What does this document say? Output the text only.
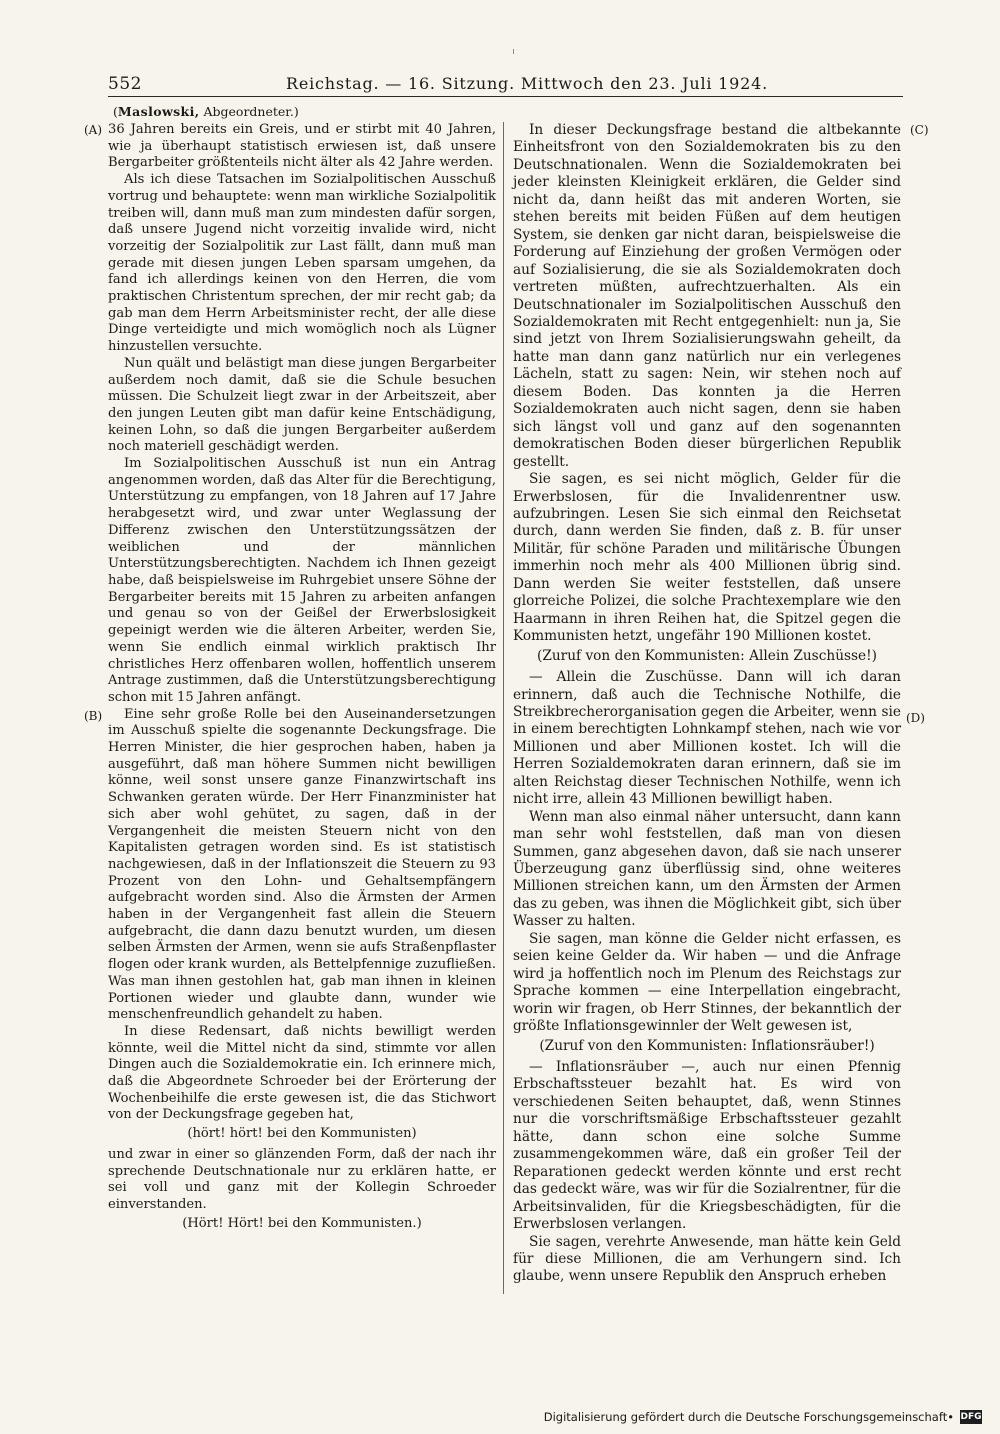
552	Reichstag. — 16. Sitzung. Mittwoch den 23. Juli 1924.
(Maslowski, Abgeordneter.)
(A)
(B)
(C)
(D)

36 Jahren bereits ein Greis, und er stirbt mit 40 Jahren, wie ja überhaupt statistisch erwiesen ist, daß unsere Bergarbeiter größtenteils nicht älter als 42 Jahre werden.

Als ich diese Tatsachen im Sozialpolitischen Ausschuß vortrug und behauptete: wenn man wirkliche Sozialpolitik treiben will, dann muß man zum mindesten dafür sorgen, daß unsere Jugend nicht vorzeitig invalide wird, nicht vorzeitig der Sozialpolitik zur Last fällt, dann muß man gerade mit diesen jungen Leben sparsam umgehen, da fand ich allerdings keinen von den Herren, die vom praktischen Christentum sprechen, der mir recht gab; da gab man dem Herrn Arbeitsminister recht, der alle diese Dinge verteidigte und mich womöglich noch als Lügner hinzustellen versuchte.

Nun quält und belästigt man diese jungen Bergarbeiter außerdem noch damit, daß sie die Schule besuchen müssen. Die Schulzeit liegt zwar in der Arbeitszeit, aber den jungen Leuten gibt man dafür keine Entschädigung, keinen Lohn, so daß die jungen Bergarbeiter außerdem noch materiell geschädigt werden.

Im Sozialpolitischen Ausschuß ist nun ein Antrag angenommen worden, daß das Alter für die Berechtigung, Unterstützung zu empfangen, von 18 Jahren auf 17 Jahre herabgesetzt wird, und zwar unter Weglassung der Differenz zwischen den Unterstützungssätzen der weiblichen und der männlichen Unterstützungsberechtigten. Nachdem ich Ihnen gezeigt habe, daß beispielsweise im Ruhrgebiet unsere Söhne der Bergarbeiter bereits mit 15 Jahren zu arbeiten anfangen und genau so von der Geißel der Erwerbslosigkeit gepeinigt werden wie die älteren Arbeiter, werden Sie, wenn Sie endlich einmal wirklich praktisch Ihr christliches Herz offenbaren wollen, hoffentlich unserem Antrage zustimmen, daß die Unterstützungsberechtigung schon mit 15 Jahren anfängt.

Eine sehr große Rolle bei den Auseinandersetzungen im Ausschuß spielte die sogenannte Deckungsfrage. Die Herren Minister, die hier gesprochen haben, haben ja ausgeführt, daß man höhere Summen nicht bewilligen könne, weil sonst unsere ganze Finanzwirtschaft ins Schwanken geraten würde. Der Herr Finanzminister hat sich aber wohl gehütet, zu sagen, daß in der Vergangenheit die meisten Steuern nicht von den Kapitalisten getragen worden sind. Es ist statistisch nachgewiesen, daß in der Inflationszeit die Steuern zu 93 Prozent von den Lohn- und Gehaltsempfängern aufgebracht worden sind. Also die Ärmsten der Armen haben in der Vergangenheit fast allein die Steuern aufgebracht, die dann dazu benutzt wurden, um diesen selben Ärmsten der Armen, wenn sie aufs Straßenpflaster flogen oder krank wurden, als Bettelpfennige zuzufließen. Was man ihnen gestohlen hat, gab man ihnen in kleinen Portionen wieder und glaubte dann, wunder wie menschenfreundlich gehandelt zu haben.

In diese Redensart, daß nichts bewilligt werden könnte, weil die Mittel nicht da sind, stimmte vor allen Dingen auch die Sozialdemokratie ein. Ich erinnere mich, daß die Abgeordnete Schroeder bei der Erörterung der Wochenbeihilfe die erste gewesen ist, die das Stichwort von der Deckungsfrage gegeben hat,

(hört! hört! bei den Kommunisten)

und zwar in einer so glänzenden Form, daß der nach ihr sprechende Deutschnationale nur zu erklären hatte, er sei voll und ganz mit der Kollegin Schroeder einverstanden.

(Hört! Hört! bei den Kommunisten.)

In dieser Deckungsfrage bestand die altbekannte Einheitsfront von den Sozialdemokraten bis zu den Deutschnationalen. Wenn die Sozialdemokraten bei jeder kleinsten Kleinigkeit erklären, die Gelder sind nicht da, dann heißt das mit anderen Worten, sie stehen bereits mit beiden Füßen auf dem heutigen System, sie denken gar nicht daran, beispielsweise die Forderung auf Einziehung der großen Vermögen oder auf Sozialisierung, die sie als Sozialdemokraten doch vertreten müßten, aufrechtzuerhalten. Als ein Deutschnationaler im Sozialpolitischen Ausschuß den Sozialdemokraten mit Recht entgegenhielt: nun ja, Sie sind jetzt von Ihrem Sozialisierungswahn geheilt, da hatte man dann ganz natürlich nur ein verlegenes Lächeln, statt zu sagen: Nein, wir stehen noch auf diesem Boden. Das konnten ja die Herren Sozialdemokraten auch nicht sagen, denn sie haben sich längst voll und ganz auf den sogenannten demokratischen Boden dieser bürgerlichen Republik gestellt.

Sie sagen, es sei nicht möglich, Gelder für die Erwerbslosen, für die Invalidenrentner usw. aufzubringen. Lesen Sie sich einmal den Reichsetat durch, dann werden Sie finden, daß z. B. für unser Militär, für schöne Paraden und militärische Übungen immerhin noch mehr als 400 Millionen übrig sind. Dann werden Sie weiter feststellen, daß unsere glorreiche Polizei, die solche Prachtexemplare wie den Haarmann in ihren Reihen hat, die Spitzel gegen die Kommunisten hetzt, ungefähr 190 Millionen kostet.

(Zuruf von den Kommunisten: Allein Zuschüsse!)

— Allein die Zuschüsse. Dann will ich daran erinnern, daß auch die Technische Nothilfe, die Streikbrecherorganisation gegen die Arbeiter, wenn sie in einem berechtigten Lohnkampf stehen, nach wie vor Millionen und aber Millionen kostet. Ich will die Herren Sozialdemokraten daran erinnern, daß sie im alten Reichstag dieser Technischen Nothilfe, wenn ich nicht irre, allein 43 Millionen bewilligt haben.

Wenn man also einmal näher untersucht, dann kann man sehr wohl feststellen, daß man von diesen Summen, ganz abgesehen davon, daß sie nach unserer Überzeugung ganz überflüssig sind, ohne weiteres Millionen streichen kann, um den Ärmsten der Armen das zu geben, was ihnen die Möglichkeit gibt, sich über Wasser zu halten.

Sie sagen, man könne die Gelder nicht erfassen, es seien keine Gelder da. Wir haben — und die Anfrage wird ja hoffentlich noch im Plenum des Reichstags zur Sprache kommen — eine Interpellation eingebracht, worin wir fragen, ob Herr Stinnes, der bekanntlich der größte Inflationsgewinnler der Welt gewesen ist,

(Zuruf von den Kommunisten: Inflationsräuber!)

— Inflationsräuber —, auch nur einen Pfennig Erbschaftssteuer bezahlt hat. Es wird von verschiedenen Seiten behauptet, daß, wenn Stinnes nur die vorschriftsmäßige Erbschaftssteuer gezahlt hätte, dann schon eine solche Summe zusammengekommen wäre, daß ein großer Teil der Reparationen gedeckt werden könnte und erst recht das gedeckt wäre, was wir für die Sozialrentner, für die Arbeitsinvaliden, für die Kriegsbeschädigten, für die Erwerbslosen verlangen.

Sie sagen, verehrte Anwesende, man hätte kein Geld für diese Millionen, die am Verhungern sind. Ich glaube, wenn unsere Republik den Anspruch erheben

Digitalisierung gefördert durch die Deutsche Forschungsgemeinschaft• DFG
